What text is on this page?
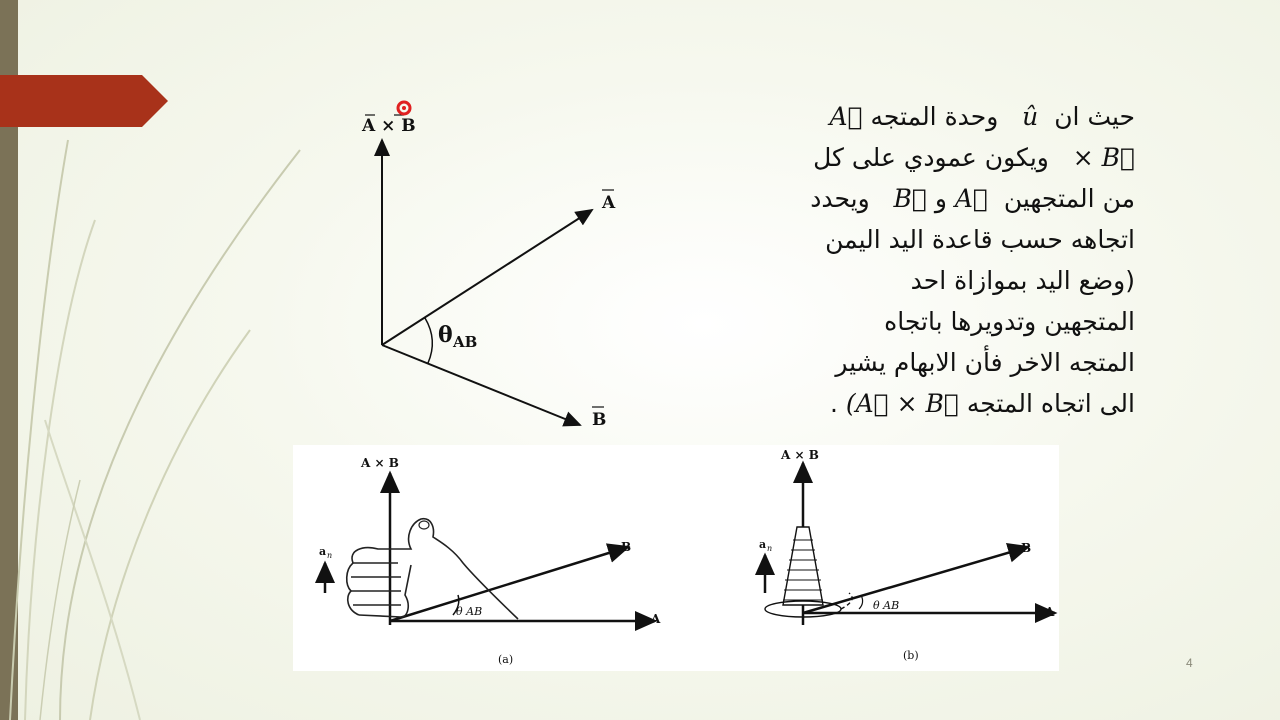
A × B
A
B
θ AB
حيث ان  û   وحدة المتجه A⃗
× B⃗   ويكون عمودي على كل
من المتجهين  A⃗ و B⃗   ويحدد
اتجاهه حسب قاعدة اليد اليمن
(وضع اليد بموازاة احد
المتجهين وتدويرها باتجاه
المتجه الاخر فأن الابهام يشير
الى اتجاه المتجه (A⃗ × B⃗ .
A × B
a n
B
A
θ AB
(a)
A × B
a n	B
A
θ AB
(b)
4
